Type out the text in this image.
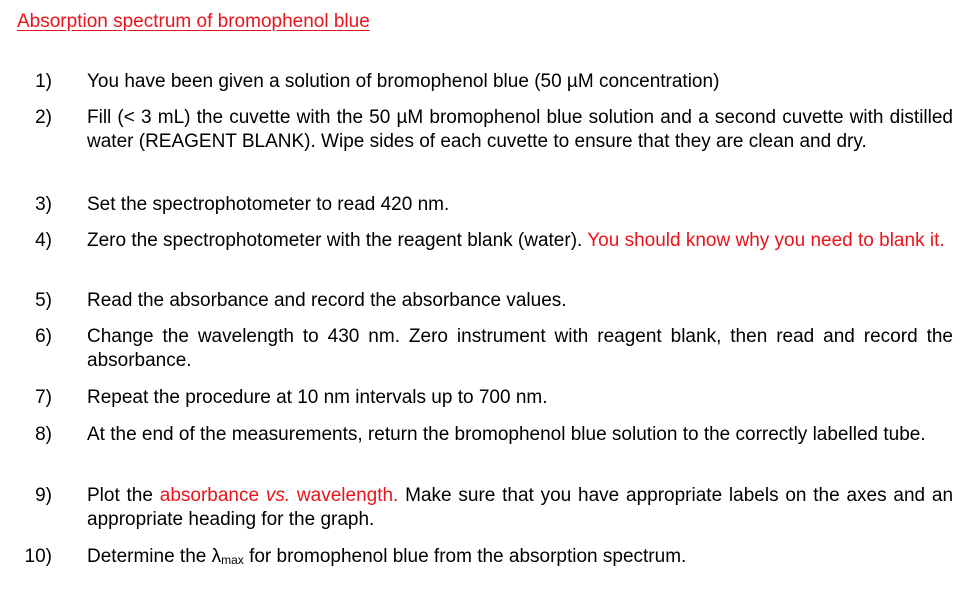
Absorption spectrum of bromophenol blue
1) You have been given a solution of bromophenol blue (50 µM concentration)
2) Fill (< 3 mL) the cuvette with the 50 µM bromophenol blue solution and a second cuvette with distilled water (REAGENT BLANK). Wipe sides of each cuvette to ensure that they are clean and dry.
3) Set the spectrophotometer to read 420 nm.
4) Zero the spectrophotometer with the reagent blank (water). You should know why you need to blank it.
5) Read the absorbance and record the absorbance values.
6) Change the wavelength to 430 nm. Zero instrument with reagent blank, then read and record the absorbance.
7) Repeat the procedure at 10 nm intervals up to 700 nm.
8) At the end of the measurements, return the bromophenol blue solution to the correctly labelled tube.
9) Plot the absorbance vs. wavelength. Make sure that you have appropriate labels on the axes and an appropriate heading for the graph.
10) Determine the $\lambda_{max}$ for bromophenol blue from the absorption spectrum.
